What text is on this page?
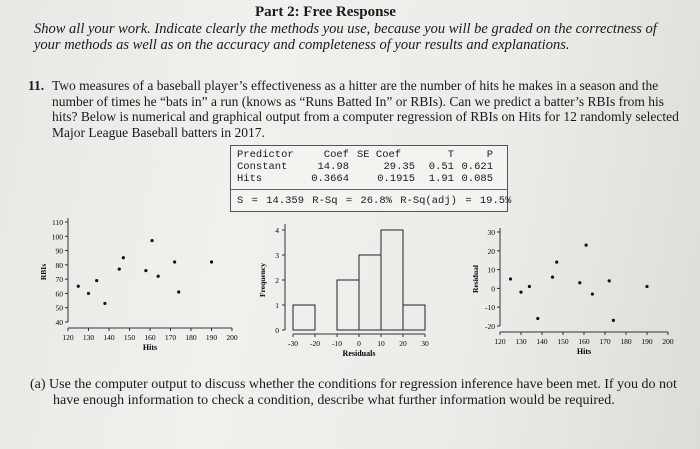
Part 2: Free Response
Show all your work. Indicate clearly the methods you use, because you will be graded on the correctness of
your methods as well as on the accuracy and completeness of your results and explanations.
11. Two measures of a baseball player’s effectiveness as a hitter are the number of hits he makes in a season and the
number of times he “bats in” a run (knows as “Runs Batted In” or RBIs). Can we predict a batter’s RBIs from his
hits? Below is numerical and graphical output from a computer regression of RBIs on Hits for 12 randomly selected
Major League Baseball batters in 2017.
Predictor	Coef SE Coef	T	P
Constant	14.98	29.35 0.51 0.621
Hits	0.3664	0.1915 1.91 0.085
S = 14.359 R-Sq = 26.8% R-Sq(adj) = 19.5%
40
50
60
70
80
90
100
110
120 130 140 150 160 170 180 190 200
Hits
RBIs
0
1
2
3
4
-30 -20 -10 0 10 20 30
Residuals
Frequency
-20
-10
0
10
20
30
120 130 140 150 160 170 180 190 200
Hits
Residual
(a) Use the computer output to discuss whether the conditions for regression inference have been met. If you do not
have enough information to check a condition, describe what further information would be required.
